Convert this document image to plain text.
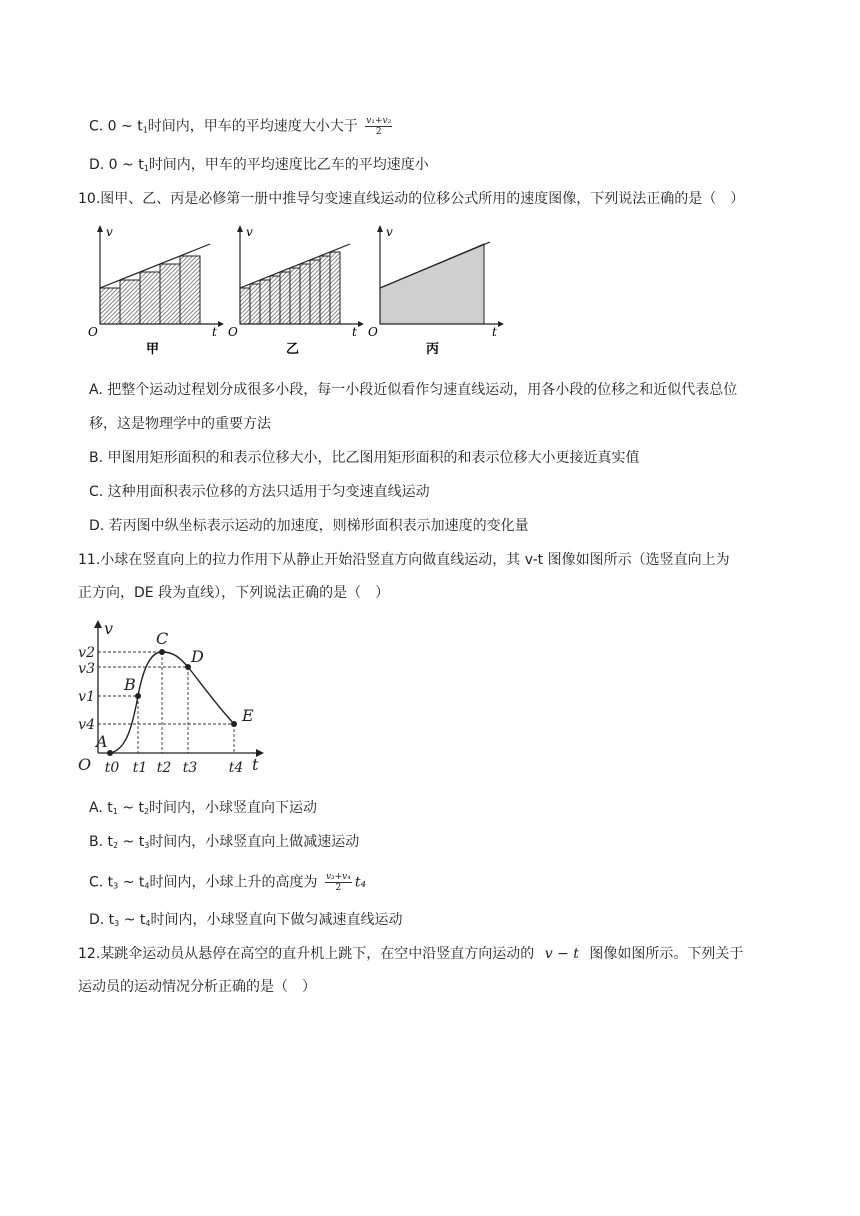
C. 0 ~ $t_1$时间内，甲车的平均速度大小大于 $\frac{\text{v₁+v₂}}{2}$
D. 0 ~ $t_1$时间内，甲车的平均速度比乙车的平均速度小
10.图甲、乙、丙是必修第一册中推导匀变速直线运动的位移公式所用的速度图像，下列说法正确的是（　）
v
O	t
甲
v
O	t
乙
v
O	t
丙
A. 把整个运动过程划分成很多小段，每一小段近似看作匀速直线运动，用各小段的位移之和近似代表总位
移，这是物理学中的重要方法
B. 甲图用矩形面积的和表示位移大小，比乙图用矩形面积的和表示位移大小更接近真实值
C. 这种用面积表示位移的方法只适用于匀变速直线运动
D. 若丙图中纵坐标表示运动的加速度，则梯形面积表示加速度的变化量
11.小球在竖直向上的拉力作用下从静止开始沿竖直方向做直线运动，其 v-t 图像如图所示（选竖直向上为
正方向，DE 段为直线），下列说法正确的是（　）
A
B
C
D
E
v
O	t
v2
v3
v1
v4
t0 t1 t2 t3 t4
A. $t_1$ ~ $t_2$时间内，小球竖直向下运动
B. $t_2$ ~ $t_3$时间内，小球竖直向上做减速运动
C. $t_3$ ~ $t_4$时间内，小球上升的高度为 $\frac{\text{v₃+v₄}}{2} t_4$
D. $t_3$ ~ $t_4$时间内，小球竖直向下做匀减速直线运动
12.某跳伞运动员从悬停在高空的直升机上跳下，在空中沿竖直方向运动的 v − t 图像如图所示。下列关于
运动员的运动情况分析正确的是（　）
